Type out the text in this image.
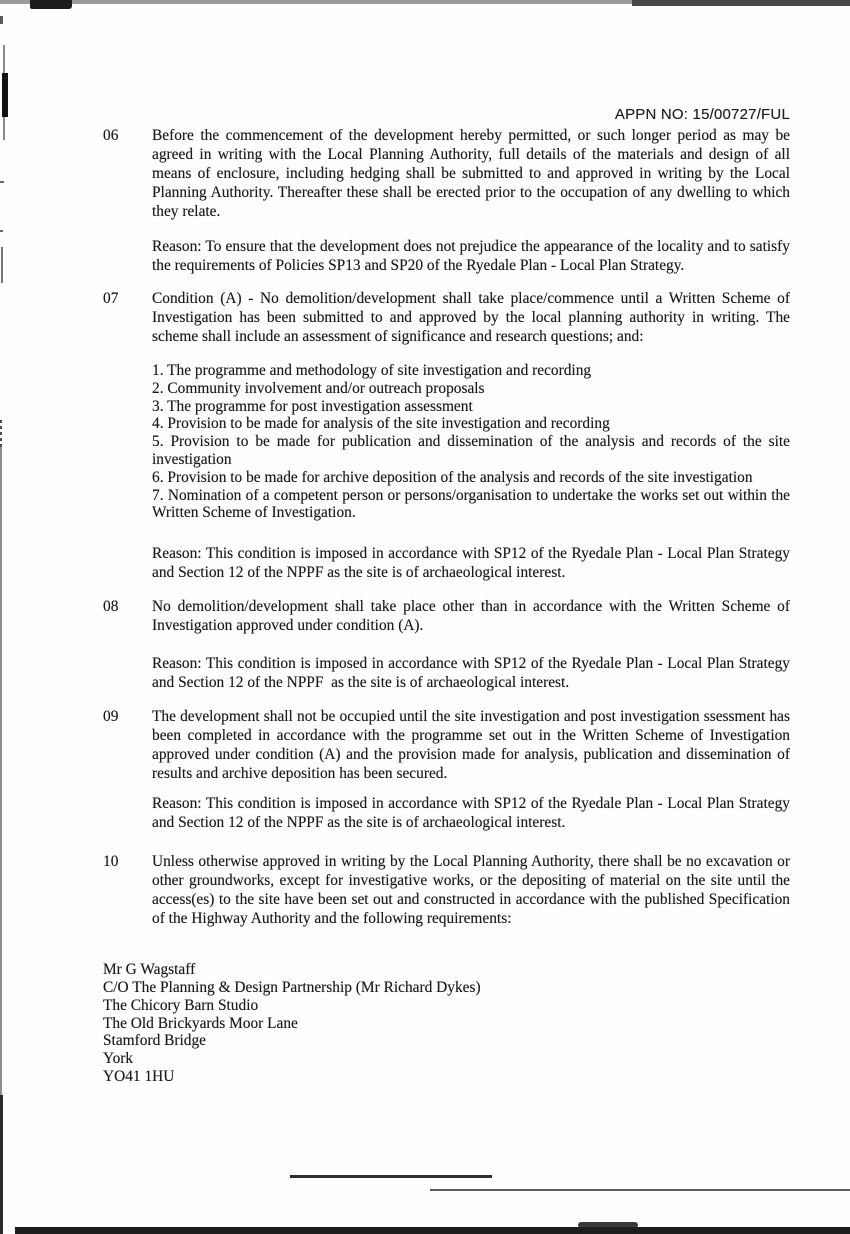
APPN NO: 15/00727/FUL
06	Before the commencement of the development hereby permitted, or such longer period as may be agreed in writing with the Local Planning Authority, full details of the materials and design of all means of enclosure, including hedging shall be submitted to and approved in writing by the Local Planning Authority. Thereafter these shall be erected prior to the occupation of any dwelling to which they relate.

Reason: To ensure that the development does not prejudice the appearance of the locality and to satisfy the requirements of Policies SP13 and SP20 of the Ryedale Plan - Local Plan Strategy.

07	Condition (A) - No demolition/development shall take place/commence until a Written Scheme of Investigation has been submitted to and approved by the local planning authority in writing. The scheme shall include an assessment of significance and research questions; and:

1. The programme and methodology of site investigation and recording

2. Community involvement and/or outreach proposals

3. The programme for post investigation assessment

4. Provision to be made for analysis of the site investigation and recording

5. Provision to be made for publication and dissemination of the analysis and records of the site investigation

6. Provision to be made for archive deposition of the analysis and records of the site investigation

7. Nomination of a competent person or persons/organisation to undertake the works set out within the Written Scheme of Investigation.

Reason: This condition is imposed in accordance with SP12 of the Ryedale Plan - Local Plan Strategy and Section 12 of the NPPF as the site is of archaeological interest.

08	No demolition/development shall take place other than in accordance with the Written Scheme of Investigation approved under condition (A).

Reason: This condition is imposed in accordance with SP12 of the Ryedale Plan - Local Plan Strategy and Section 12 of the NPPF  as the site is of archaeological interest.

09	The development shall not be occupied until the site investigation and post investigation ssessment has been completed in accordance with the programme set out in the Written Scheme of Investigation approved under condition (A) and the provision made for analysis, publication and dissemination of results and archive deposition has been secured.

Reason: This condition is imposed in accordance with SP12 of the Ryedale Plan - Local Plan Strategy and Section 12 of the NPPF as the site is of archaeological interest.

10	Unless otherwise approved in writing by the Local Planning Authority, there shall be no excavation or other groundworks, except for investigative works, or the depositing of material on the site until the access(es) to the site have been set out and constructed in accordance with the published Specification of the Highway Authority and the following requirements:

Mr G Wagstaff
C/O The Planning & Design Partnership (Mr Richard Dykes)
The Chicory Barn Studio
The Old Brickyards Moor Lane
Stamford Bridge
York
YO41 1HU
